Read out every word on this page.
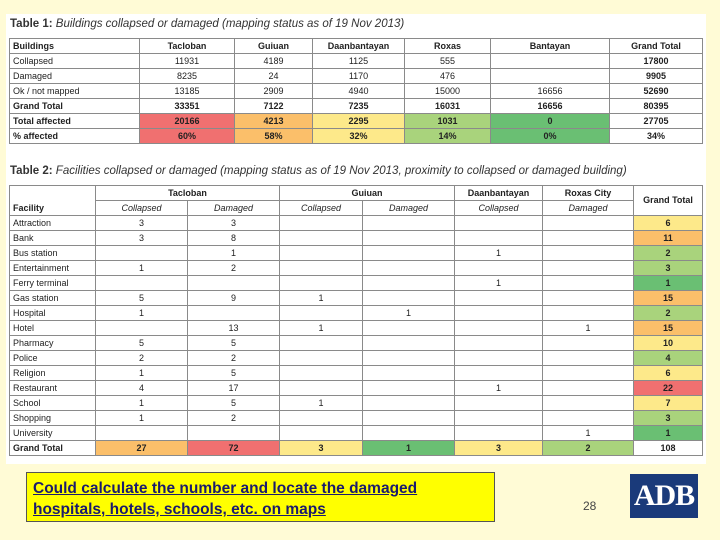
Table 1: Buildings collapsed or damaged (mapping status as of 19 Nov 2013)
Buildings	Tacloban	Guiuan	Daanbantayan	Roxas	Bantayan	Grand Total
Collapsed	11931	4189	1125	555		17800
Damaged	8235	24	1170	476		9905
Ok / not mapped	13185	2909	4940	15000	16656	52690
Grand Total	33351	7122	7235	16031	16656	80395
Total affected	20166	4213	2295	1031	0	27705
% affected	60%	58%	32%	14%	0%	34%
Table 2: Facilities collapsed or damaged (mapping status as of 19 Nov 2013, proximity to collapsed or damaged building)
Facility	Tacloban		Guiuan		Daanbantayan	Roxas City	Grand Total
	Collapsed	Damaged	Collapsed	Damaged	Collapsed	Damaged	
Attraction	3	3					6
Bank	3	8					11
Bus station		1			1		2
Entertainment	1	2					3
Ferry terminal					1		1
Gas station	5	9	1				15
Hospital	1			1			2
Hotel		13	1			1	15
Pharmacy	5	5					10
Police	2	2					4
Religion	1	5					6
Restaurant	4	17			1		22
School	1	5	1				7
Shopping	1	2					3
University						1	1
Grand Total	27	72	3	1	3	2	108
Could calculate the number and locate the damaged hospitals, hotels, schools, etc. on maps	28 ADB
